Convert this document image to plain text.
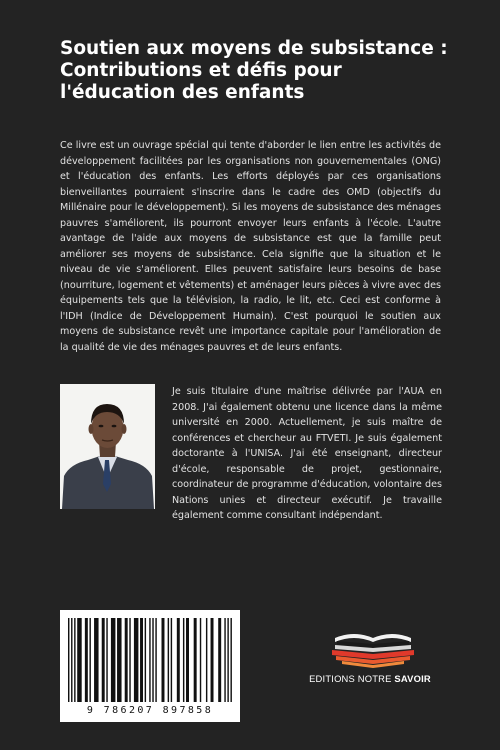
Soutien aux moyens de subsistance : Contributions et défis pour l'éducation des enfants

Ce livre est un ouvrage spécial qui tente d'aborder le lien entre les activités de développement facilitées par les organisations non gouvernementales (ONG) et l'éducation des enfants. Les efforts déployés par ces organisations bienveillantes pourraient s'inscrire dans le cadre des OMD (objectifs du Millénaire pour le développement). Si les moyens de subsistance des ménages pauvres s'améliorent, ils pourront envoyer leurs enfants à l'école. L'autre avantage de l'aide aux moyens de subsistance est que la famille peut améliorer ses moyens de subsistance. Cela signifie que la situation et le niveau de vie s'améliorent. Elles peuvent satisfaire leurs besoins de base (nourriture, logement et vêtements) et aménager leurs pièces à vivre avec des équipements tels que la télévision, la radio, le lit, etc. Ceci est conforme à l'IDH (Indice de Développement Humain). C'est pourquoi le soutien aux moyens de subsistance revêt une importance capitale pour l'amélioration de la qualité de vie des ménages pauvres et de leurs enfants.

Je suis titulaire d'une maîtrise délivrée par l'AUA en 2008. J'ai également obtenu une licence dans la même université en 2000. Actuellement, je suis maître de conférences et chercheur au FTVETI. Je suis également doctorante à l'UNISA. J'ai été enseignant, directeur d'école, responsable de projet, gestionnaire, coordinateur de programme d'éducation, volontaire des Nations unies et directeur exécutif. Je travaille également comme consultant indépendant.

9 786207 897858
EDITIONS NOTRE SAVOIR
